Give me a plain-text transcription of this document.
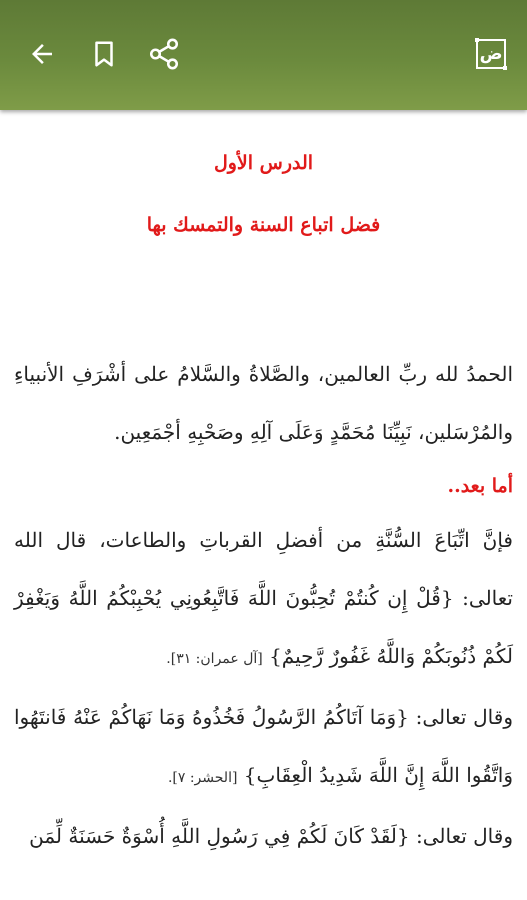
ض

الدرس الأول

فضل اتباع السنة والتمسك بها

الحمدُ لله ربِّ العالمين، والصَّلاةُ والسَّلامُ على أشْرَفِ الأنبياءِ والمُرْسَلين، نَبِيِّنَا مُحَمَّدٍ وَعَلَى آلِهِ وصَحْبِهِ أجْمَعِين.

أما بعد..

فإنَّ اتِّبَاعَ السُّنَّةِ من أفضلِ القرباتِ والطاعات، قال الله تعالى: {قُلْ إِن كُنتُمْ تُحِبُّونَ اللَّهَ فَاتَّبِعُونِي يُحْبِبْكُمُ اللَّهُ وَيَغْفِرْ لَكُمْ ذُنُوبَكُمْ وَاللَّهُ غَفُورٌ رَّحِيمٌ} [آل عمران: ٣١].

وقال تعالى: {وَمَا آتَاكُمُ الرَّسُولُ فَخُذُوهُ وَمَا نَهَاكُمْ عَنْهُ فَانتَهُوا وَاتَّقُوا اللَّهَ إِنَّ اللَّهَ شَدِيدُ الْعِقَابِ} [الحشر: ٧].

وقال تعالى: {لَقَدْ كَانَ لَكُمْ فِي رَسُولِ اللَّهِ أُسْوَةٌ حَسَنَةٌ لِّمَن
